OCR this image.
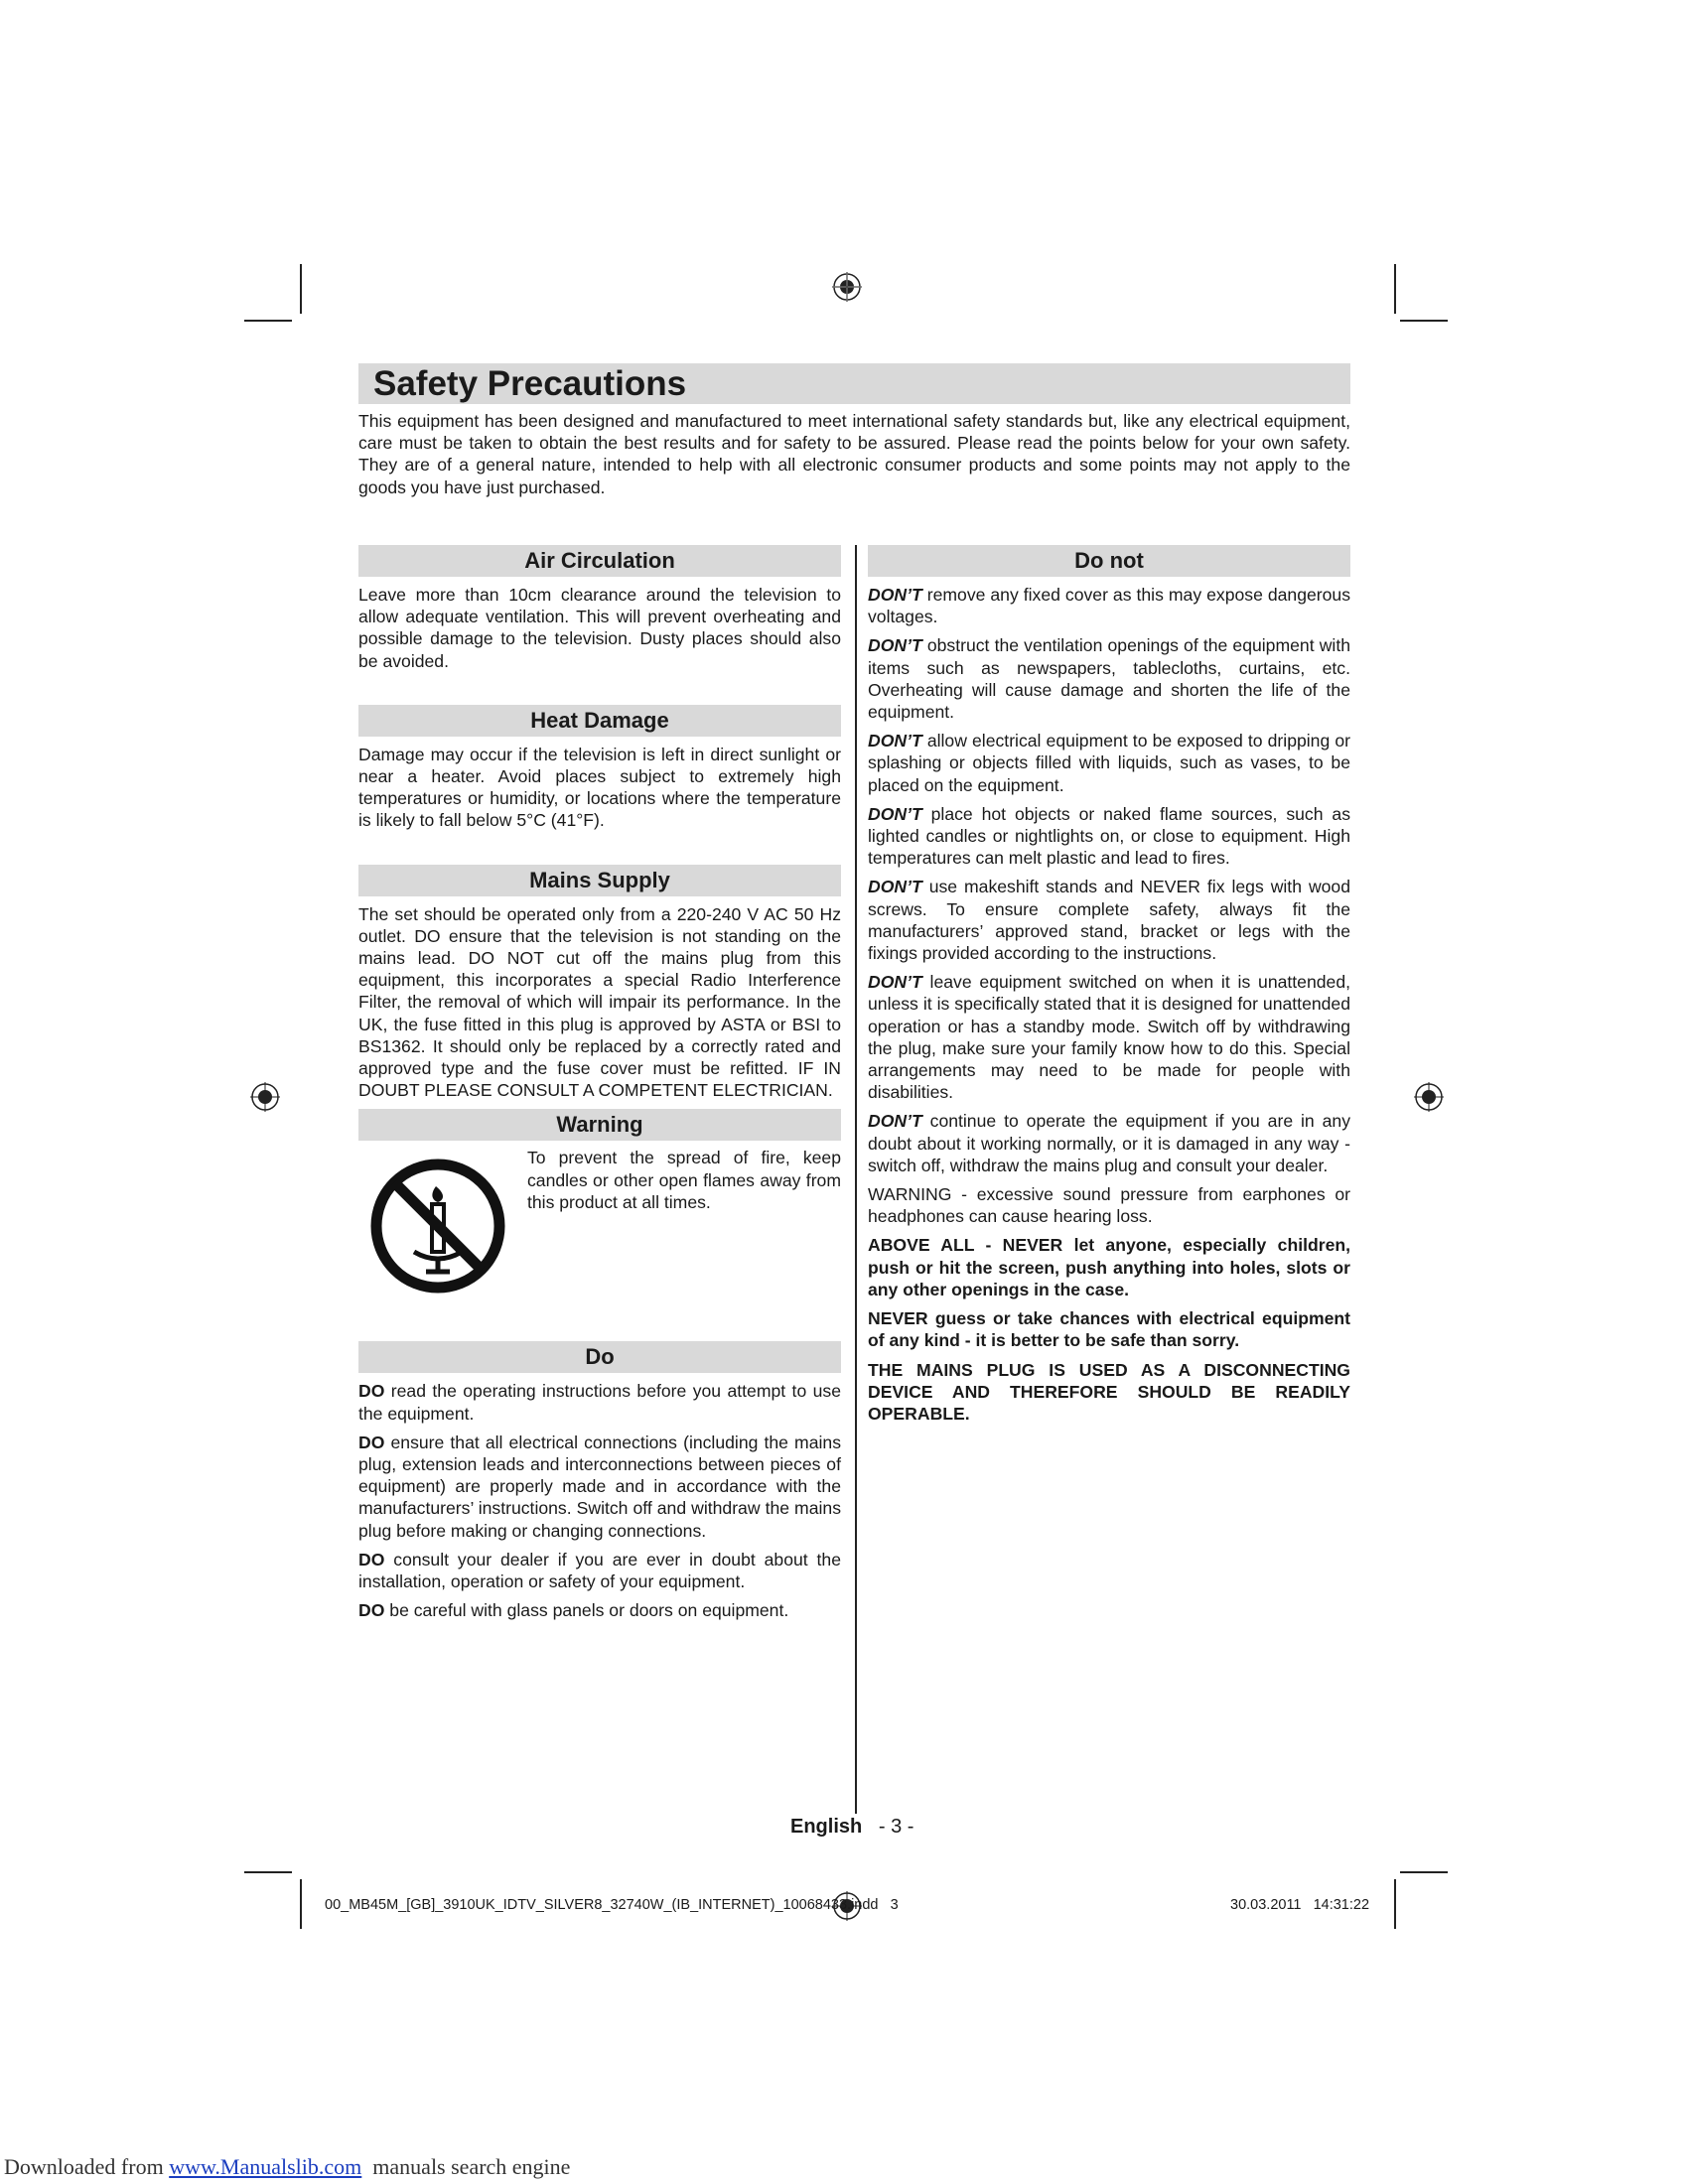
Safety Precautions
This equipment has been designed and manufactured to meet international safety standards but, like any electrical equipment, care must be taken to obtain the best results and for safety to be assured. Please read the points below for your own safety. They are of a general nature, intended to help with all electronic consumer products and some points may not apply to the goods you have just purchased.
Air Circulation

Leave more than 10cm clearance around the television to allow adequate ventilation. This will prevent overheating and possible damage to the television. Dusty places should also be avoided.

Heat Damage

Damage may occur if the television is left in direct sunlight or near a heater. Avoid places subject to extremely high temperatures or humidity, or locations where the temperature is likely to fall below 5°C (41°F).

Mains Supply

The set should be operated only from a 220-240 V AC 50 Hz outlet. DO ensure that the television is not standing on the mains lead. DO NOT cut off the mains plug from this equipment, this incorporates a special Radio Interference Filter, the removal of which will impair its performance. In the UK, the fuse fitted in this plug is approved by ASTA or BSI to BS1362. It should only be replaced by a correctly rated and approved type and the fuse cover must be refitted. IF IN DOUBT PLEASE CONSULT A COMPETENT ELECTRICIAN.

Warning
To prevent the spread of fire, keep candles or other open flames away from this product at all times.
Do

DO read the operating instructions before you attempt to use the equipment.

DO ensure that all electrical connections (including the mains plug, extension leads and interconnections between pieces of equipment) are properly made and in accordance with the manufacturers’ instructions. Switch off and withdraw the mains plug before making or changing connections.

DO consult your dealer if you are ever in doubt about the installation, operation or safety of your equipment.

DO be careful with glass panels or doors on equipment.

Do not

DON’T remove any fixed cover as this may expose dangerous voltages.

DON’T obstruct the ventilation openings of the equipment with items such as newspapers, tablecloths, curtains, etc. Overheating will cause damage and shorten the life of the equipment.

DON’T allow electrical equipment to be exposed to dripping or splashing or objects filled with liquids, such as vases, to be placed on the equipment.

DON’T place hot objects or naked flame sources, such as lighted candles or nightlights on, or close to equipment. High temperatures can melt plastic and lead to fires.

DON’T use makeshift stands and NEVER fix legs with wood screws. To ensure complete safety, always fit the manufacturers’ approved stand, bracket or legs with the fixings provided according to the instructions.

DON’T leave equipment switched on when it is unattended, unless it is specifically stated that it is designed for unattended operation or has a standby mode. Switch off by withdrawing the plug, make sure your family know how to do this. Special arrangements may need to be made for people with disabilities.

DON’T continue to operate the equipment if you are in any doubt about it working normally, or it is damaged in any way - switch off, withdraw the mains plug and consult your dealer.

WARNING - excessive sound pressure from earphones or headphones can cause hearing loss.

ABOVE ALL - NEVER let anyone, especially children, push or hit the screen, push anything into holes, slots or any other openings in the case.

NEVER guess or take chances with electrical equipment of any kind - it is better to be safe than sorry.

THE MAINS PLUG IS USED AS A DISCONNECTING DEVICE AND THEREFORE SHOULD BE READILY OPERABLE.

English - 3 -
00_MB45M_[GB]_3910UK_IDTV_SILVER8_32740W_(IB_INTERNET)_10068433.indd   3	30.03.2011   14:31:22
Downloaded from www.Manualslib.com  manuals search engine
